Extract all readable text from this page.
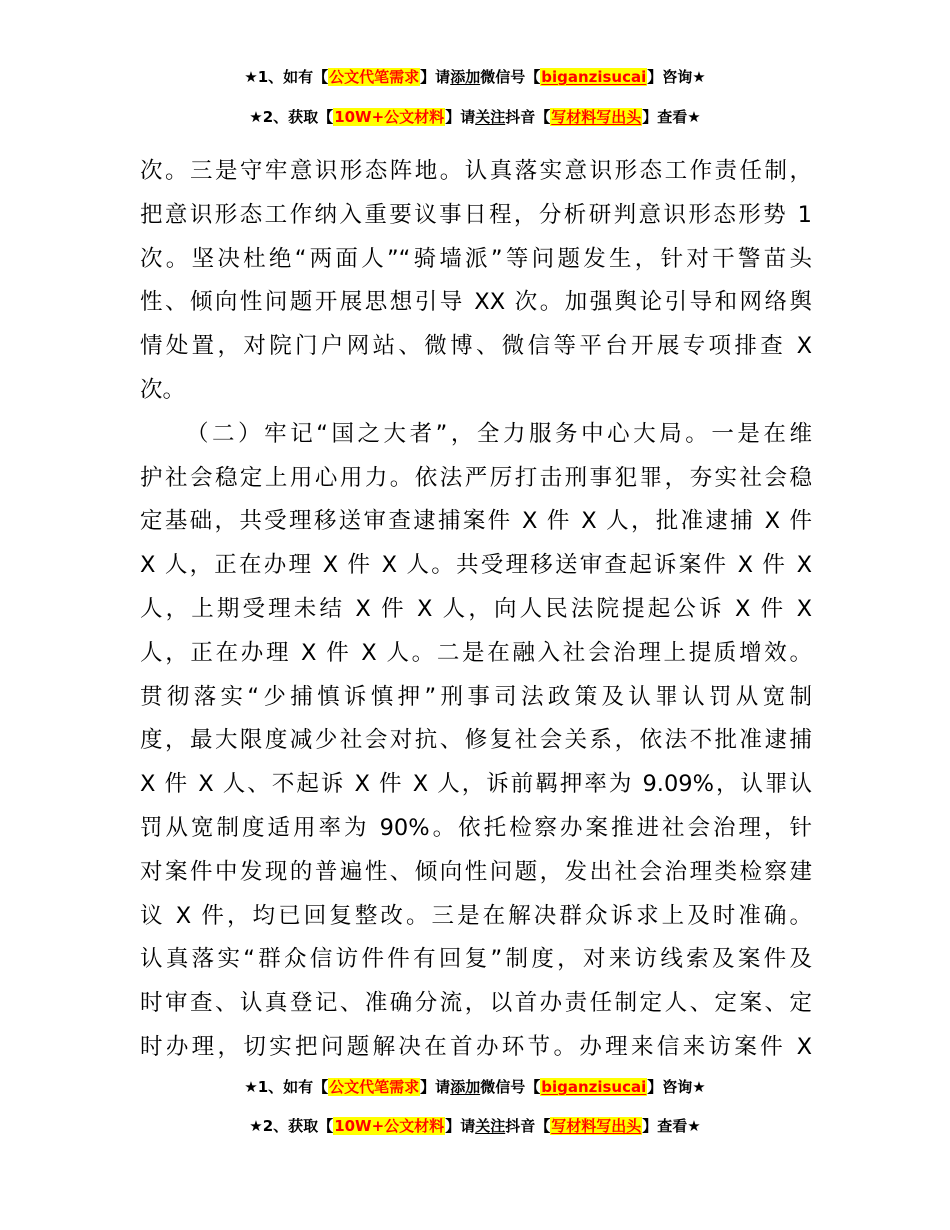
★1、如有【公文代笔需求】请添加微信号【biganzisucai】咨询★
★2、获取【10W+公文材料】请关注抖音【写材料写出头】查看★
次。三是守牢意识形态阵地。认真落实意识形态工作责任制，
把意识形态工作纳入重要议事日程，分析研判意识形态形势 1
次。坚决杜绝“两面人”“骑墙派”等问题发生，针对干警苗头
性、倾向性问题开展思想引导 XX 次。加强舆论引导和网络舆
情处置，对院门户网站、微博、微信等平台开展专项排查 X
次。
（二）牢记“国之大者”，全力服务中心大局。一是在维
护社会稳定上用心用力。依法严厉打击刑事犯罪，夯实社会稳
定基础，共受理移送审查逮捕案件 X 件 X 人，批准逮捕 X 件
X 人，正在办理 X 件 X 人。共受理移送审查起诉案件 X 件 X
人，上期受理未结 X 件 X 人，向人民法院提起公诉 X 件 X
人，正在办理 X 件 X 人。二是在融入社会治理上提质增效。
贯彻落实“少捕慎诉慎押”刑事司法政策及认罪认罚从宽制
度，最大限度减少社会对抗、修复社会关系，依法不批准逮捕
X 件 X 人、不起诉 X 件 X 人，诉前羁押率为 9.09%，认罪认
罚从宽制度适用率为 90%。依托检察办案推进社会治理，针
对案件中发现的普遍性、倾向性问题，发出社会治理类检察建
议 X 件，均已回复整改。三是在解决群众诉求上及时准确。
认真落实“群众信访件件有回复”制度，对来访线索及案件及
时审查、认真登记、准确分流，以首办责任制定人、定案、定
时办理，切实把问题解决在首办环节。办理来信来访案件 X
★1、如有【公文代笔需求】请添加微信号【biganzisucai】咨询★
★2、获取【10W+公文材料】请关注抖音【写材料写出头】查看★
